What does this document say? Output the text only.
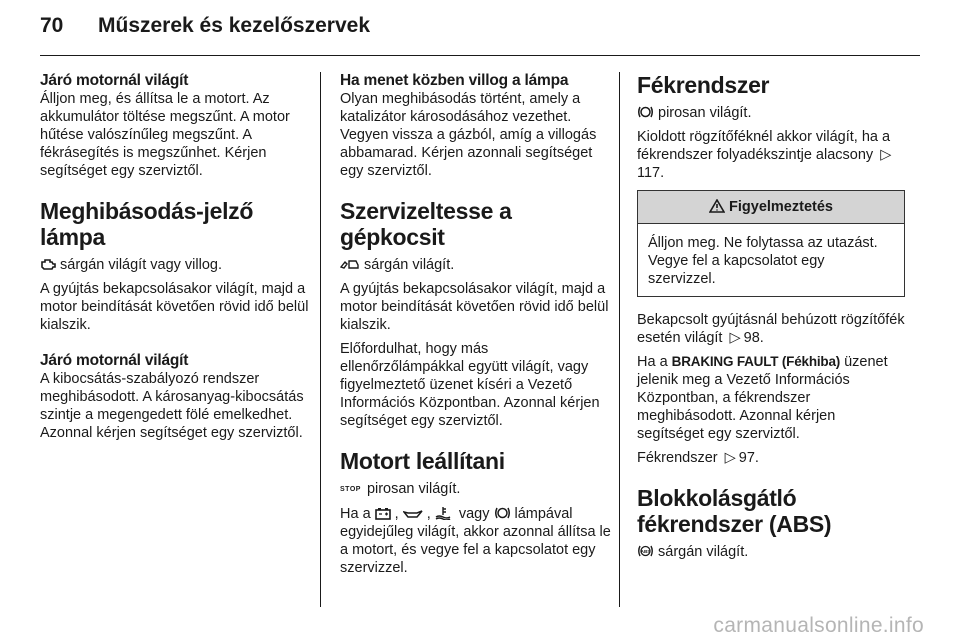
70	Műszerek és kezelőszervek
Járó motornál világít

Álljon meg, és állítsa le a motort. Az akkumulátor töltése megszűnt. A motor hűtése valószínűleg megszűnt. A fékrásegítés is megszűnhet. Kérjen segítséget egy szerviztől.

Meghibásodás-jelző lámpa

sárgán világít vagy villog.

A gyújtás bekapcsolásakor világít, majd a motor beindítását követően rövid idő belül kialszik.

Járó motornál világít

A kibocsátás-szabályozó rendszer meghibásodott. A károsanyag-kibocsátás szintje a megengedett fölé emelkedhet. Azonnal kérjen segítséget egy szerviztől.

Ha menet közben villog a lámpa

Olyan meghibásodás történt, amely a katalizátor károsodásához vezethet. Vegyen vissza a gázból, amíg a villogás abbamarad. Kérjen azonnali segítséget egy szerviztől.

Szervizeltesse a gépkocsit

sárgán világít.

A gyújtás bekapcsolásakor világít, majd a motor beindítását követően rövid idő belül kialszik.

Előfordulhat, hogy más ellenőrzőlámpákkal együtt világít, vagy figyelmeztető üzenet kíséri a Vezető Információs Központban. Azonnal kérjen segítséget egy szerviztől.

Motort leállítani

STOP pirosan világít.

Ha a , , vagy lámpával egyidejűleg világít, akkor azonnal állítsa le a motort, és vegye fel a kapcsolatot egy szervizzel.

Fékrendszer

pirosan világít.

Kioldott rögzítőféknél akkor világít, ha a fékrendszer folyadékszintje alacsony ▷117.

Figyelmeztetés

Álljon meg. Ne folytassa az utazást. Vegye fel a kapcsolatot egy szervizzel.

Bekapcsolt gyújtásnál behúzott rögzítőfék esetén világít ▷ 98.

Ha a BRAKING FAULT (Fékhiba) üzenet jelenik meg a Vezető Információs Központban, a fékrendszer meghibásodott. Azonnal kérjen segítséget egy szerviztől.

Fékrendszer ▷ 97.

Blokkolásgátló fékrendszer (ABS)

ABS sárgán világít.

carmanualsonline.info
